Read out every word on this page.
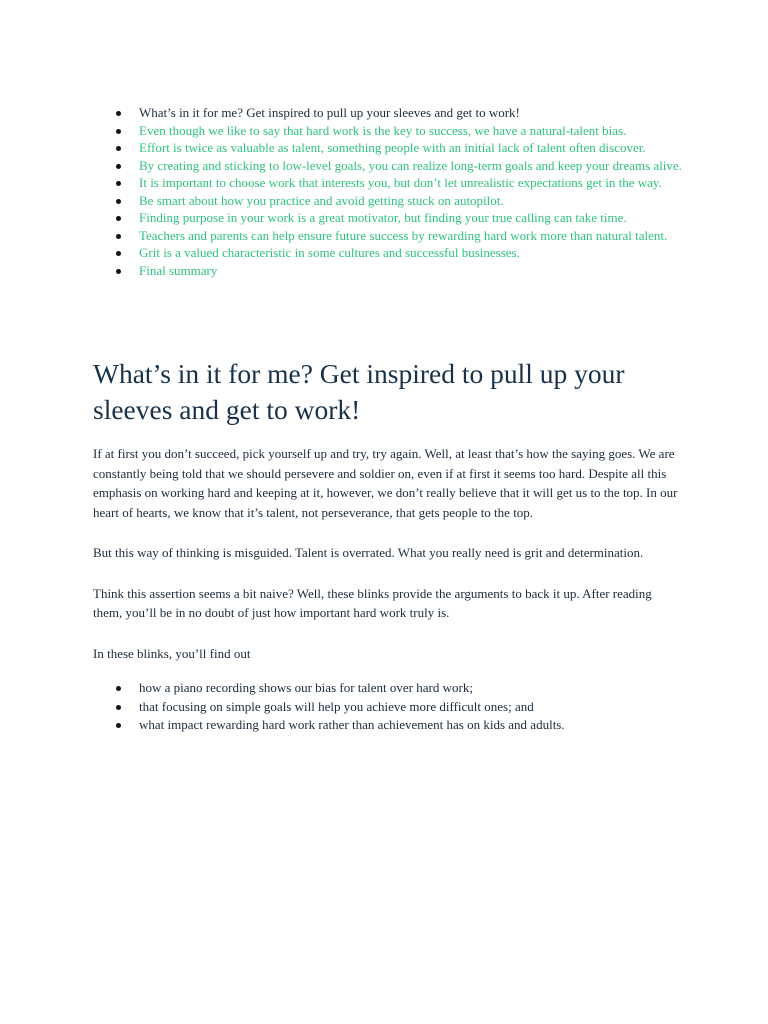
What’s in it for me? Get inspired to pull up your sleeves and get to work!
Even though we like to say that hard work is the key to success, we have a natural-talent bias.
Effort is twice as valuable as talent, something people with an initial lack of talent often discover.
By creating and sticking to low-level goals, you can realize long-term goals and keep your dreams alive.
It is important to choose work that interests you, but don’t let unrealistic expectations get in the way.
Be smart about how you practice and avoid getting stuck on autopilot.
Finding purpose in your work is a great motivator, but finding your true calling can take time.
Teachers and parents can help ensure future success by rewarding hard work more than natural talent.
Grit is a valued characteristic in some cultures and successful businesses.
Final summary
What’s in it for me? Get inspired to pull up your sleeves and get to work!

If at first you don’t succeed, pick yourself up and try, try again. Well, at least that’s how the saying goes. We are constantly being told that we should persevere and soldier on, even if at first it seems too hard. Despite all this emphasis on working hard and keeping at it, however, we don’t really believe that it will get us to the top. In our heart of hearts, we know that it’s talent, not perseverance, that gets people to the top.

But this way of thinking is misguided. Talent is overrated. What you really need is grit and determination.

Think this assertion seems a bit naive? Well, these blinks provide the arguments to back it up. After reading them, you’ll be in no doubt of just how important hard work truly is.

In these blinks, you’ll find out

how a piano recording shows our bias for talent over hard work;
that focusing on simple goals will help you achieve more difficult ones; and
what impact rewarding hard work rather than achievement has on kids and adults.
